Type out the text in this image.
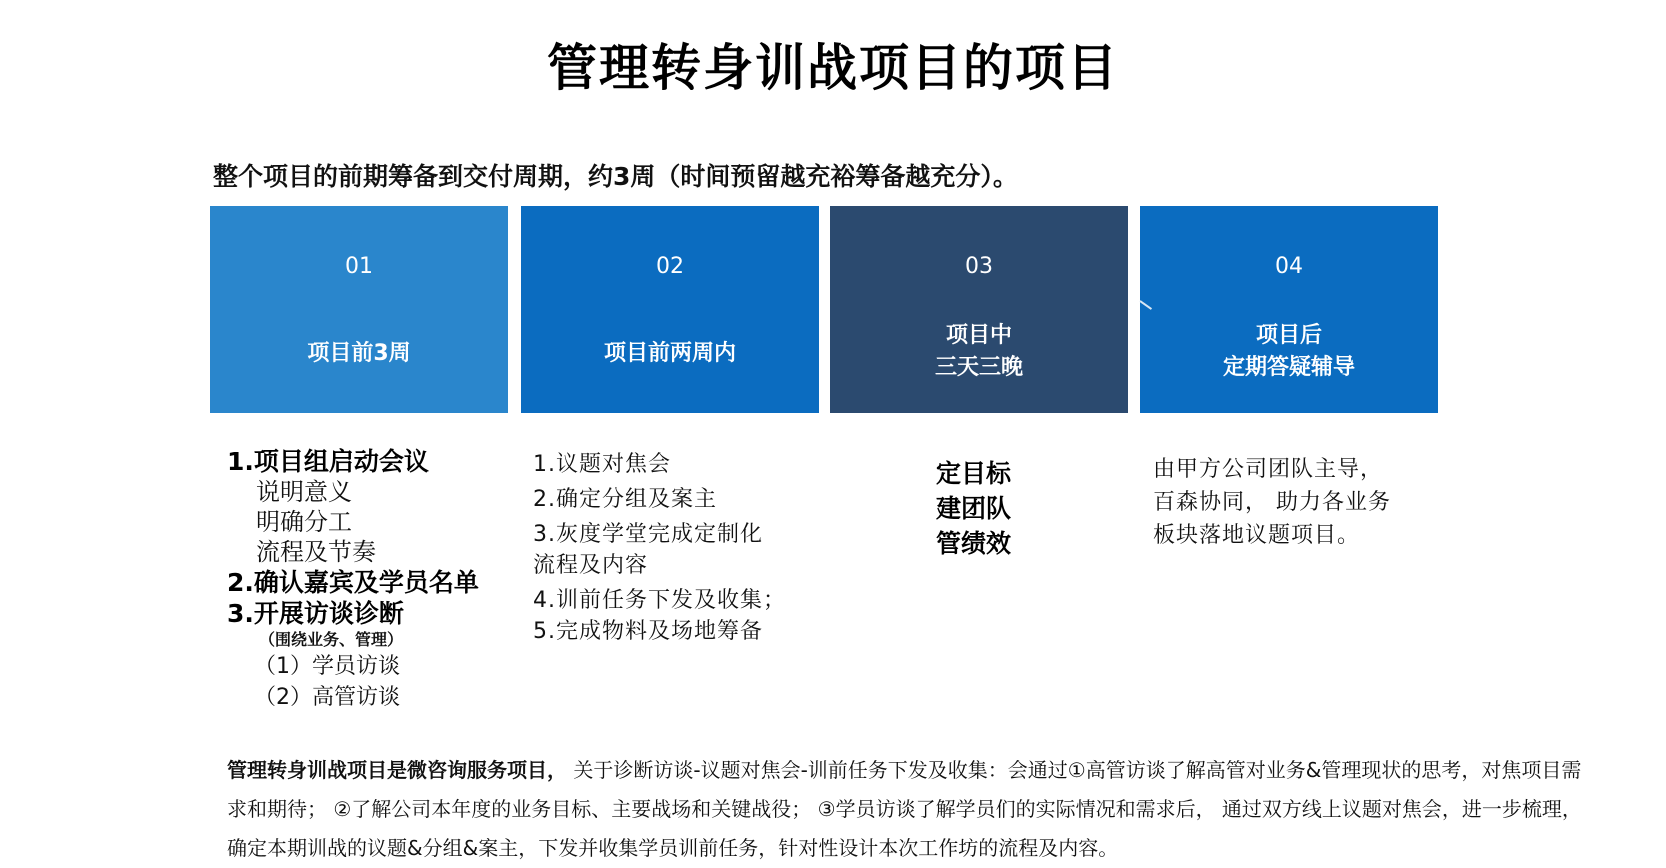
管理转身训战项目的项目
整个项目的前期筹备到交付周期，约3周（时间预留越充裕筹备越充分）。
01
项目前3周
02
项目前两周内
03
项目中
三天三晚
04
项目后
定期答疑辅导
1.项目组启动会议
说明意义
明确分工
流程及节奏
2.确认嘉宾及学员名单
3.开展访谈诊断
（围绕业务、管理）
（1）学员访谈
（2）高管访谈
1.议题对焦会
2.确定分组及案主
3.灰度学堂完成定制化
流程及内容
4.训前任务下发及收集；
5.完成物料及场地筹备
定目标
建团队
管绩效
由甲方公司团队主导，
百森协同， 助力各业务
板块落地议题项目。
管理转身训战项目是微咨询服务项目， 关于诊断访谈-议题对焦会-训前任务下发及收集：会通过①高管访谈了解高管对业务&管理现状的思考，对焦项目需求和期待； ②了解公司本年度的业务目标、主要战场和关键战役； ③学员访谈了解学员们的实际情况和需求后， 通过双方线上议题对焦会，进一步梳理，确定本期训战的议题&分组&案主，下发并收集学员训前任务，针对性设计本次工作坊的流程及内容。
